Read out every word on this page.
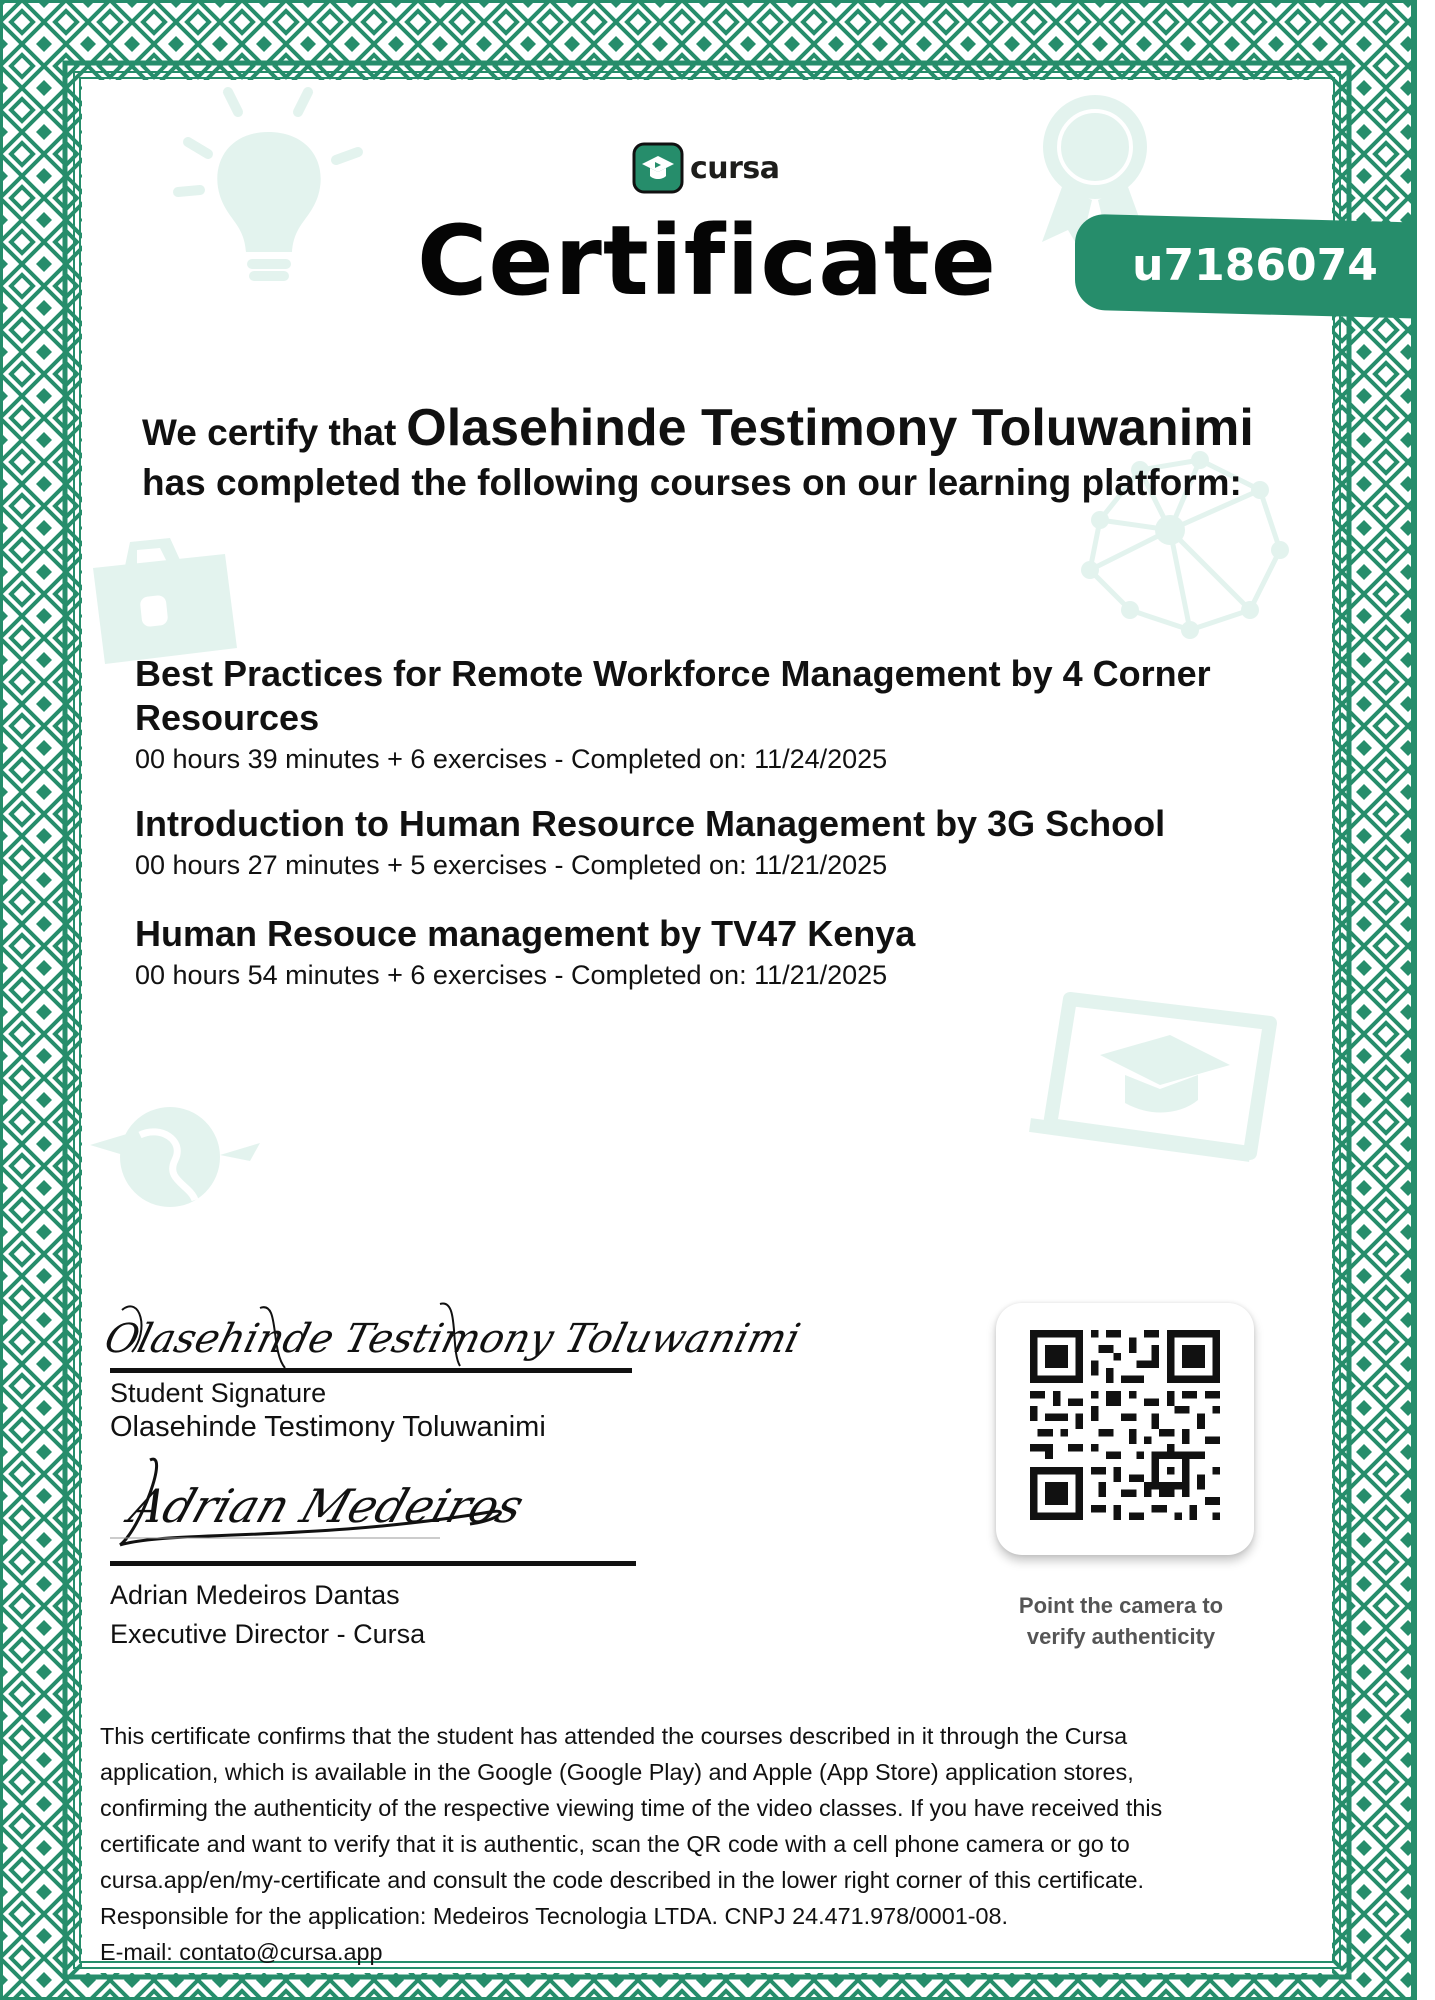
cursa
Certificate	u7186074
We certify that Olasehinde Testimony Toluwanimi
has completed the following courses on our learning platform:
Best Practices for Remote Workforce Management by 4 Corner Resources
00 hours 39 minutes + 6 exercises - Completed on: 11/24/2025
Introduction to Human Resource Management by 3G School
00 hours 27 minutes + 5 exercises - Completed on: 11/21/2025
Human Resouce management by TV47 Kenya
00 hours 54 minutes + 6 exercises - Completed on: 11/21/2025
Olasehinde Testimony Toluwanimi
Student Signature
Olasehinde Testimony Toluwanimi
Adrian Medeiros
Adrian Medeiros Dantas
Executive Director - Cursa
Point the camera to
verify authenticity

This certificate confirms that the student has attended the courses described in it through the Cursa

application, which is available in the Google (Google Play) and Apple (App Store) application stores,

confirming the authenticity of the respective viewing time of the video classes. If you have received this

certificate and want to verify that it is authentic, scan the QR code with a cell phone camera or go to

cursa.app/en/my-certificate and consult the code described in the lower right corner of this certificate.

Responsible for the application: Medeiros Tecnologia LTDA. CNPJ 24.471.978/0001-08.

E-mail: contato@cursa.app
